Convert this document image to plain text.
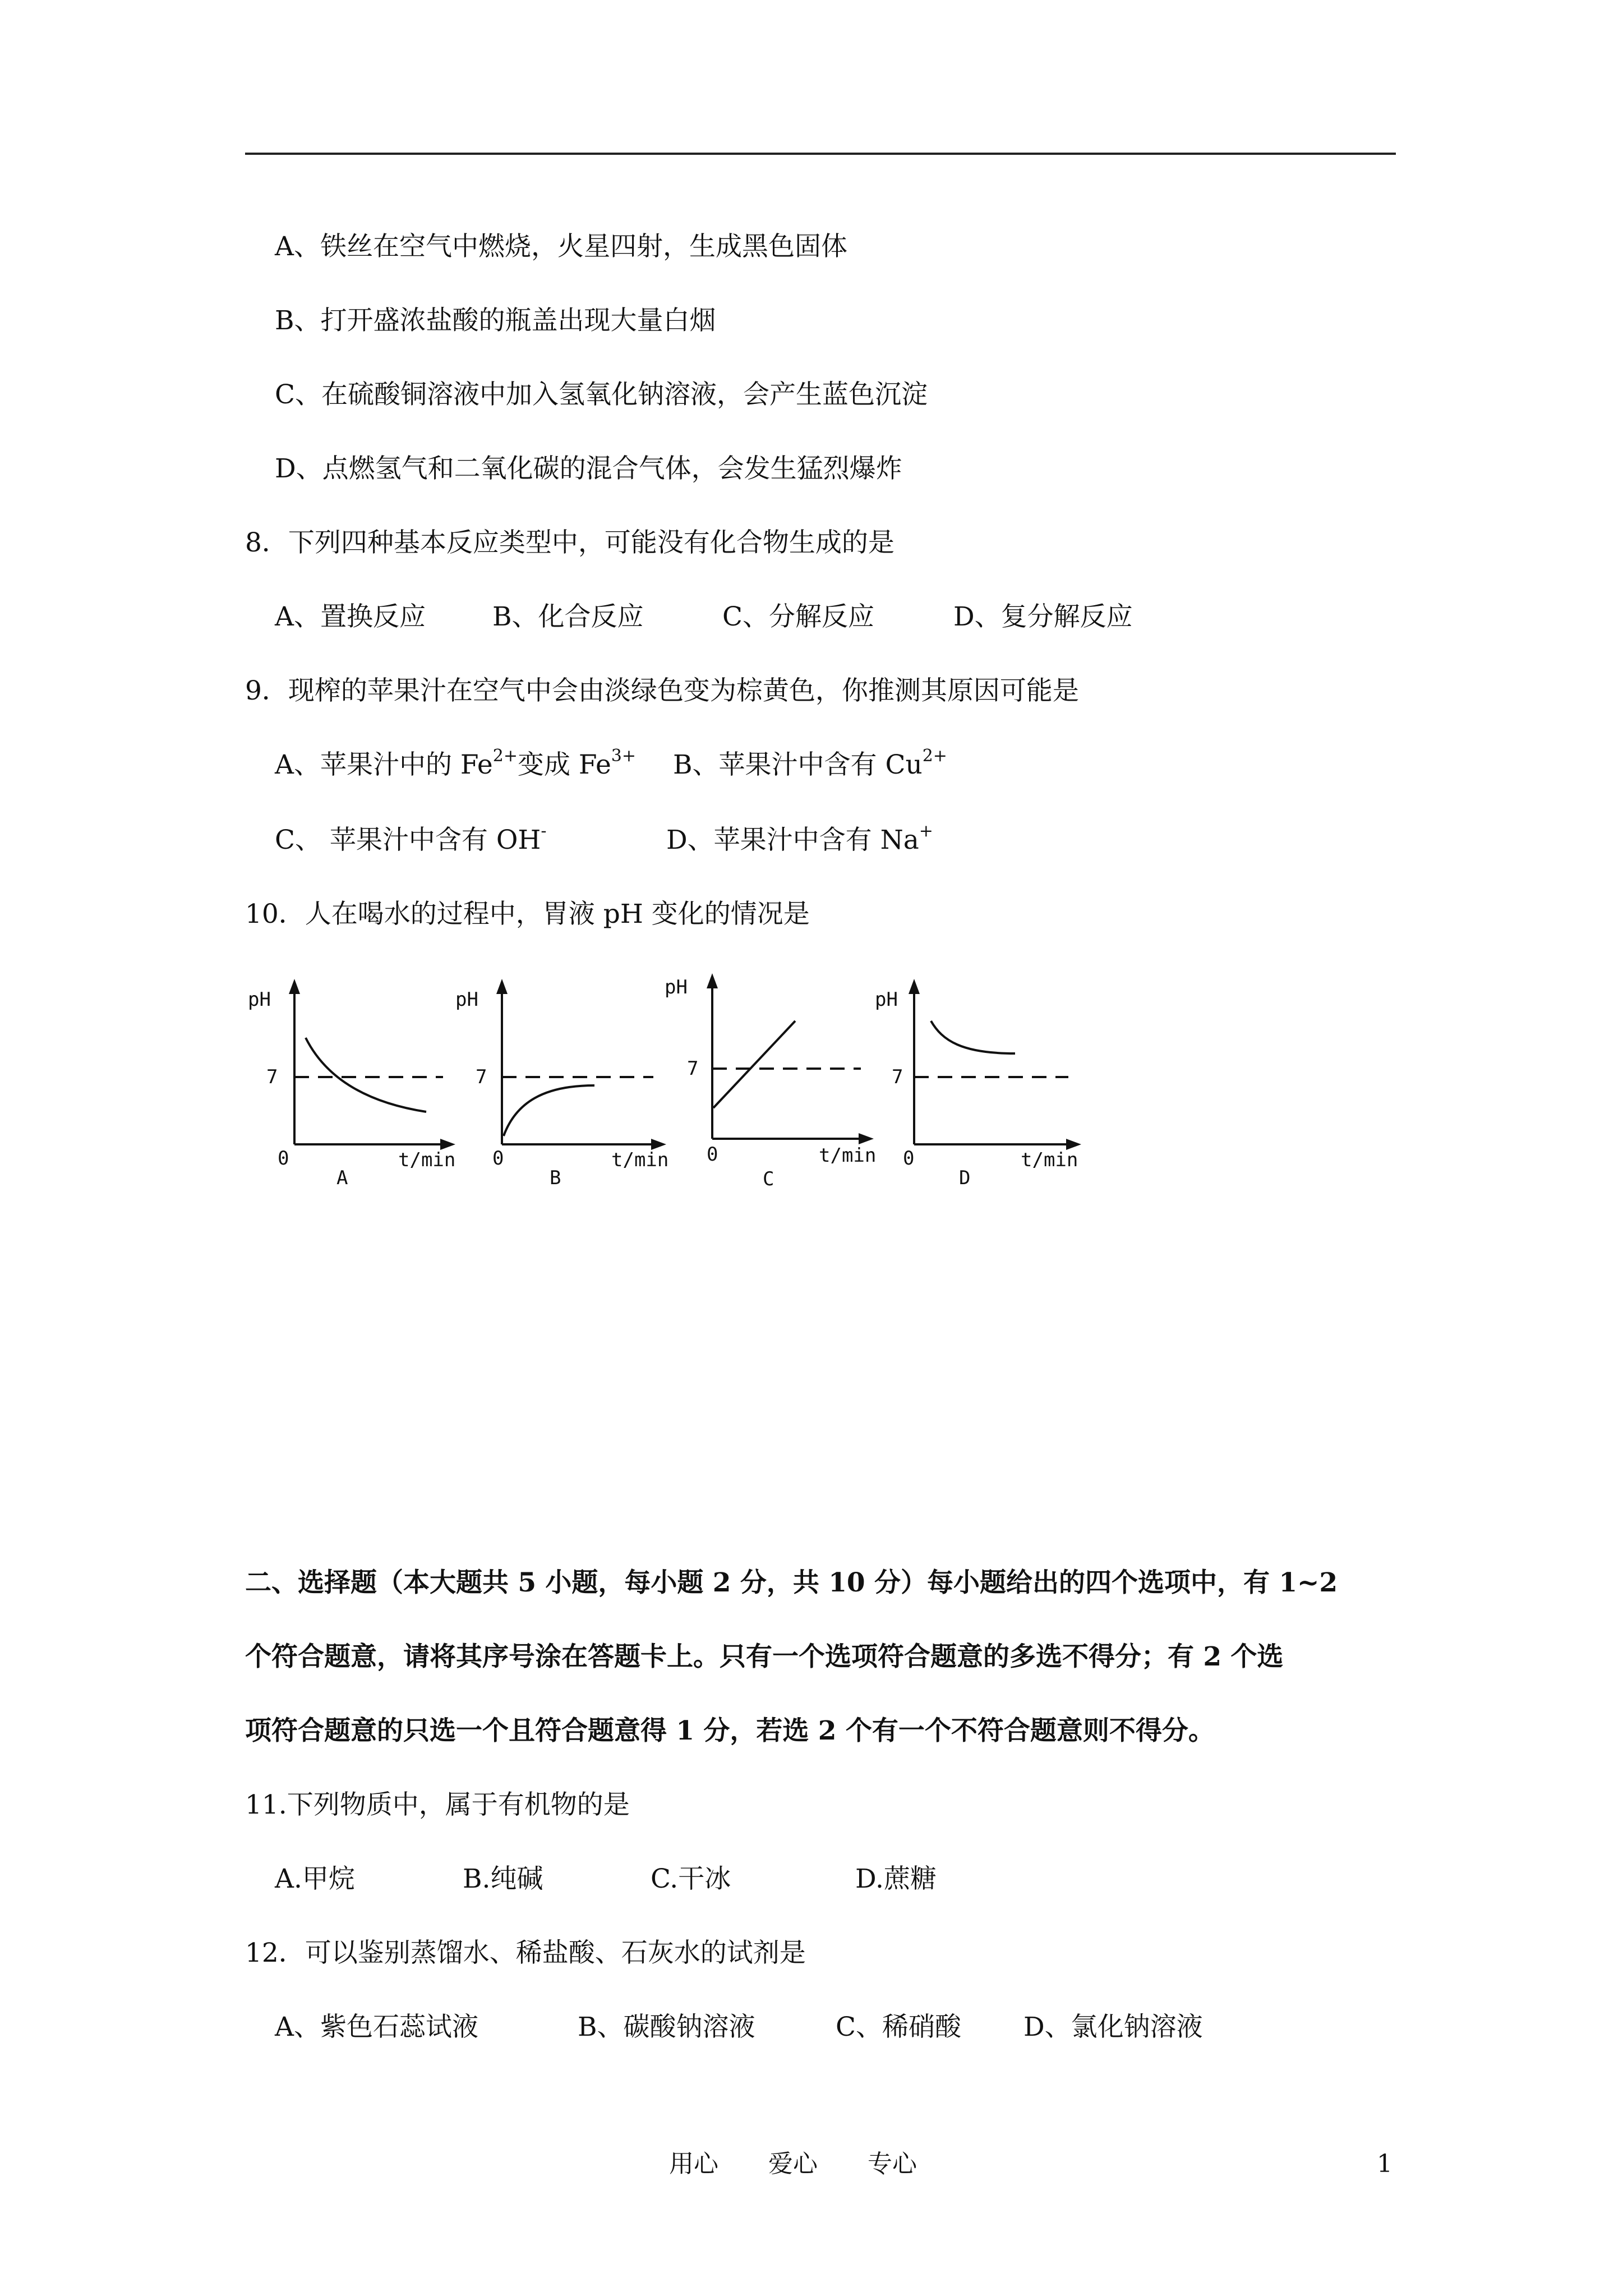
A、铁丝在空气中燃烧，火星四射，生成黑色固体
B、打开盛浓盐酸的瓶盖出现大量白烟
C、在硫酸铜溶液中加入氢氧化钠溶液，会产生蓝色沉淀
D、点燃氢气和二氧化碳的混合气体，会发生猛烈爆炸
8．下列四种基本反应类型中，可能没有化合物生成的是
A、置换反应	B、化合反应	C、分解反应	D、复分解反应
9．现榨的苹果汁在空气中会由淡绿色变为棕黄色，你推测其原因可能是
A、苹果汁中的 $Fe^{2+}$变成 $Fe^{3+}$ B、苹果汁中含有 $Cu^{2+}$
C、 苹果汁中含有 OH-	D、苹果汁中含有 Na+
10．人在喝水的过程中，胃液 pH 变化的情况是
pH
7
0	t/min
A
pH
7
0	t/min
B
pH
7
0	t/min
C
pH
7
0	t/min
D
二、选择题（本大题共 5 小题，每小题 2 分，共 10 分）每小题给出的四个选项中，有 1~2
个符合题意，请将其序号涂在答题卡上。只有一个选项符合题意的多选不得分；有 2 个选
项符合题意的只选一个且符合题意得 1 分，若选 2 个有一个不符合题意则不得分。
11.下列物质中，属于有机物的是
A.甲烷	B.纯碱	C.干冰	D.蔗糖
12．可以鉴别蒸馏水、稀盐酸、石灰水的试剂是
A、紫色石蕊试液	B、碳酸钠溶液	C、稀硝酸 D、氯化钠溶液
用心 爱心 专心	1
